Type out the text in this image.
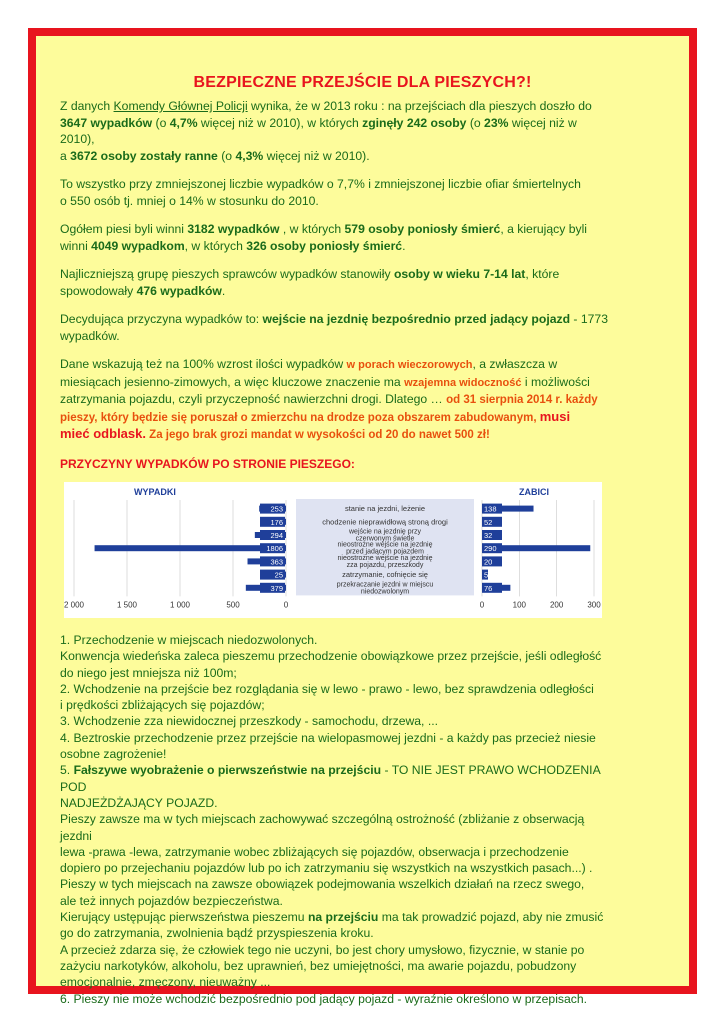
BEZPIECZNE PRZEJŚCIE DLA PIESZYCH?!
Z danych Komendy Głównej Policji wynika, że w 2013 roku : na przejściach dla pieszych doszło do
3647 wypadków (o 4,7% więcej niż w 2010), w których zginęły 242 osoby (o 23% więcej niż w 2010),
a 3672 osoby zostały ranne (o 4,3% więcej niż w 2010).
To wszystko przy zmniejszonej liczbie wypadków o 7,7% i zmniejszonej liczbie ofiar śmiertelnych
o 550 osób tj. mniej o 14% w stosunku do 2010.
Ogółem piesi byli winni 3182 wypadków , w których 579 osoby poniosły śmierć, a kierujący byli
winni 4049 wypadkom, w których 326 osoby poniosły śmierć.
Najliczniejszą grupę pieszych sprawców wypadków stanowiły osoby w wieku 7-14 lat, które
spowodowały 476 wypadków.
Decydująca przyczyna wypadków to: wejście na jezdnię bezpośrednio przed jadący pojazd - 1773
wypadków.
Dane wskazują też na 100% wzrost ilości wypadków w porach wieczorowych, a zwłaszcza w
miesiącach jesienno-zimowych, a więc kluczowe znaczenie ma wzajemna widoczność i możliwości
zatrzymania pojazdu, czyli przyczepność nawierzchni drogi. Dlatego … od 31 sierpnia 2014 r. każdy
pieszy, który będzie się poruszał o zmierzchu na drodze poza obszarem zabudowanym, musi
mieć odblask. Za jego brak grozi mandat w wysokości od 20 do nawet 500 zł!
PRZYCZYNY WYPADKÓW PO STRONIE PIESZEGO:
WYPADKI	ZABICI
2 000	1 500	1 000	500	0	0	100	200	300
253	stanie na jezdni, leżenie	138
176	chodzenie nieprawidłową stroną drogi	52
294	wejście na jezdnię przy
czerwonym świetle	32
1806	nieostrożne wejście na jezdnię
przed jadącym pojazdem	290
363	nieostrożne wejście na jezdnię
zza pojazdu, przeszkody	20
25	zatrzymanie, cofnięcie się	5
379	przekraczanie jezdni w miejscu
niedozwolonym	76
1. Przechodzenie w miejscach niedozwolonych.
Konwencja wiedeńska zaleca pieszemu przechodzenie obowiązkowe przez przejście, jeśli odległość
do niego jest mniejsza niż 100m;
2. Wchodzenie na przejście bez rozglądania się w lewo - prawo - lewo, bez sprawdzenia odległości
i prędkości zbliżających się pojazdów;
3. Wchodzenie zza niewidocznej przeszkody - samochodu, drzewa, ...
4. Beztroskie przechodzenie przez przejście na wielopasmowej jezdni - a każdy pas przecież niesie
osobne zagrożenie!
5. Fałszywe wyobrażenie o pierwszeństwie na przejściu - TO NIE JEST PRAWO WCHODZENIA POD
NADJEŻDŻAJĄCY POJAZD.
Pieszy zawsze ma w tych miejscach zachowywać szczególną ostrożność (zbliżanie z obserwacją jezdni
lewa -prawa -lewa, zatrzymanie wobec zbliżających się pojazdów, obserwacja i przechodzenie
dopiero po przejechaniu pojazdów lub po ich zatrzymaniu się wszystkich na wszystkich pasach...) .
Pieszy w tych miejscach na zawsze obowiązek podejmowania wszelkich działań na rzecz swego,
ale też innych pojazdów bezpieczeństwa.
Kierujący ustępując pierwszeństwa pieszemu na przejściu ma tak prowadzić pojazd, aby nie zmusić
go do zatrzymania, zwolnienia bądź przyspieszenia kroku.
A przecież zdarza się, że człowiek tego nie uczyni, bo jest chory umysłowo, fizycznie, w stanie po
zażyciu narkotyków, alkoholu, bez uprawnień, bez umiejętności, ma awarie pojazdu, pobudzony
emocjonalnie, zmęczony, nieuważny ...
6. Pieszy nie może wchodzić bezpośrednio pod jadący pojazd - wyraźnie określono w przepisach.
